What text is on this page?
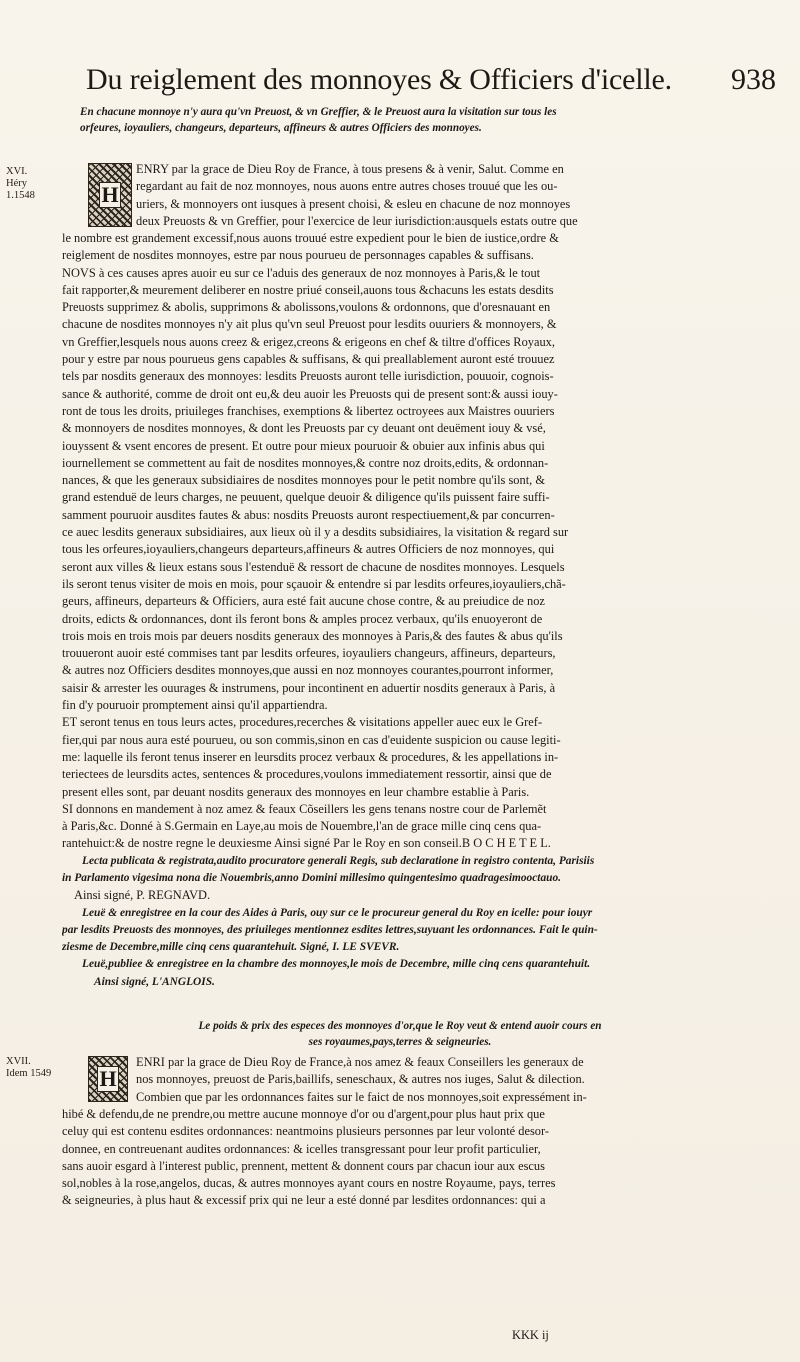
Du reiglement des monnoyes & Officiers d'icelle. 938
En chacune monnoye n'y aura qu'vn Preuost, & vn Greffier, & le Preuost aura la visitation sur tous les
orfeures, ioyauliers, changeurs, departeurs, affineurs & autres Officiers des monnoyes.
XVI.
Héry 1.1548	H
ENRY par la grace de Dieu Roy de France, à tous presens & à venir, Salut. Comme en
regardant au fait de noz monnoyes, nous auons entre autres choses trouué que les ou-
uriers, & monnoyers ont iusques à present choisi, & esleu en chacune de noz monnoyes
deux Preuosts & vn Greffier, pour l'exercice de leur iurisdiction:ausquels estats outre que
le nombre est grandement excessif,nous auons trouué estre expedient pour le bien de iustice,ordre &
reiglement de nosdites monnoyes, estre par nous pourueu de personnages capables & suffisans.
NOVS à ces causes apres auoir eu sur ce l'aduis des generaux de noz monnoyes à Paris,& le tout
fait rapporter,& meurement deliberer en nostre priué conseil,auons tous &chacuns les estats desdits
Preuosts supprimez & abolis, supprimons & abolissons,voulons & ordonnons, que d'oresnauant en
chacune de nosdites monnoyes n'y ait plus qu'vn seul Preuost pour lesdits ouuriers & monnoyers, &
vn Greffier,lesquels nous auons creez & erigez,creons & erigeons en chef & tiltre d'offices Royaux,
pour y estre par nous pourueus gens capables & suffisans, & qui preallablement auront esté trouuez
tels par nosdits generaux des monnoyes: lesdits Preuosts auront telle iurisdiction, pouuoir, cognois-
sance & authorité, comme de droit ont eu,& deu auoir les Preuosts qui de present sont:& aussi iouy-
ront de tous les droits, priuileges franchises, exemptions & libertez octroyees aux Maistres ouuriers
& monnoyers de nosdites monnoyes, & dont les Preuosts par cy deuant ont deuëment iouy & vsé,
iouyssent & vsent encores de present. Et outre pour mieux pouruoir & obuier aux infinis abus qui
iournellement se commettent au fait de nosdites monnoyes,& contre noz droits,edits, & ordonnan-
nances, & que les generaux subsidiaires de nosdites monnoyes pour le petit nombre qu'ils sont, &
grand estenduë de leurs charges, ne peuuent, quelque deuoir & diligence qu'ils puissent faire suffi-
samment pouruoir ausdites fautes & abus: nosdits Preuosts auront respectiuement,& par concurren-
ce auec lesdits generaux subsidiaires, aux lieux où il y a desdits subsidiaires, la visitation & regard sur
tous les orfeures,ioyauliers,changeurs departeurs,affineurs & autres Officiers de noz monnoyes, qui
seront aux villes & lieux estans sous l'estenduë & ressort de chacune de nosdites monnoyes. Lesquels
ils seront tenus visiter de mois en mois, pour sçauoir & entendre si par lesdits orfeures,ioyauliers,chã-
geurs, affineurs, departeurs & Officiers, aura esté fait aucune chose contre, & au preiudice de noz
droits, edicts & ordonnances, dont ils feront bons & amples procez verbaux, qu'ils enuoyeront de
trois mois en trois mois par deuers nosdits generaux des monnoyes à Paris,& des fautes & abus qu'ils
trouueront auoir esté commises tant par lesdits orfeures, ioyauliers changeurs, affineurs, departeurs,
& autres noz Officiers desdites monnoyes,que aussi en noz monnoyes courantes,pourront informer,
saisir & arrester les ouurages & instrumens, pour incontinent en aduertir nosdits generaux à Paris, à
fin d'y pouruoir promptement ainsi qu'il appartiendra.
ET seront tenus en tous leurs actes, procedures,recerches & visitations appeller auec eux le Gref-
fier,qui par nous aura esté pourueu, ou son commis,sinon en cas d'euidente suspicion ou cause legiti-
me: laquelle ils feront tenus inserer en leursdits procez verbaux & procedures, & les appellations in-
teriectees de leursdits actes, sentences & procedures,voulons immediatement ressortir, ainsi que de
present elles sont, par deuant nosdits generaux des monnoyes en leur chambre establie à Paris.
SI donnons en mandement à noz amez & feaux Cõseillers les gens tenans nostre cour de Parlemẽt
à Paris,&c. Donné à S.Germain en Laye,au mois de Nouembre,l'an de grace mille cinq cens qua-
rantehuict:& de nostre regne le deuxiesme Ainsi signé Par le Roy en son conseil.B O C H E T E L.
Lecta publicata & registrata,audito procuratore generali Regis, sub declaratione in registro contenta, Parisiis
in Parlamento vigesima nona die Nouembris,anno Domini millesimo quingentesimo quadragesimooctauo.
Ainsi signé, P. REGNAVD.
Leuë & enregistree en la cour des Aides à Paris, ouy sur ce le procureur general du Roy en icelle: pour iouyr
par lesdits Preuosts des monnoyes, des priuileges mentionnez esdites lettres,suyuant les ordonnances. Fait le quin-
ziesme de Decembre,mille cinq cens quarantehuit. Signé, I. LE SVEVR.
Leuë,publiee & enregistree en la chambre des monnoyes,le mois de Decembre, mille cinq cens quarantehuit.
Ainsi signé, L'ANGLOIS.
Le poids & prix des especes des monnoyes d'or,que le Roy veut & entend auoir cours en
ses royaumes,pays,terres & seigneuries.
XVII.
Idem 1549 H
ENRI par la grace de Dieu Roy de France,à nos amez & feaux Conseillers les generaux de
nos monnoyes, preuost de Paris,baillifs, seneschaux, & autres nos iuges, Salut & dilection.
Combien que par les ordonnances faites sur le faict de nos monnoyes,soit expressément in-
hibé & defendu,de ne prendre,ou mettre aucune monnoye d'or ou d'argent,pour plus haut prix que
celuy qui est contenu esdites ordonnances: neantmoins plusieurs personnes par leur volonté desor-
donnee, en contreuenant audites ordonnances: & icelles transgressant pour leur profit particulier,
sans auoir esgard à l'interest public, prennent, mettent & donnent cours par chacun iour aux escus
sol,nobles à la rose,angelos, ducas, & autres monnoyes ayant cours en nostre Royaume, pays, terres
& seigneuries, à plus haut & excessif prix qui ne leur a esté donné par lesdites ordonnances: qui a
KKK ij
